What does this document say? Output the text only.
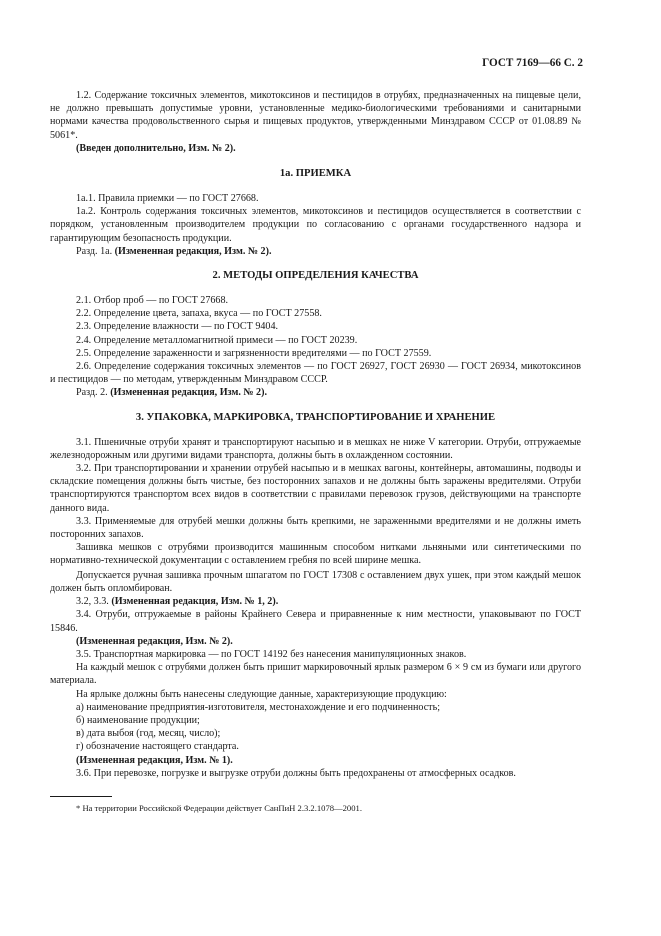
ГОСТ 7169—66 С. 2

1.2. Содержание токсичных элементов, микотоксинов и пестицидов в отрубях, предназначенных на пищевые цели, не должно превышать допустимые уровни, установленные медико-биологическими требованиями и санитарными нормами качества продовольственного сырья и пищевых продуктов, утвержденными Минздравом СССР от 01.08.89 № 5061*.

(Введен дополнительно, Изм. № 2).

1a. ПРИЕМКА

1а.1. Правила приемки — по ГОСТ 27668.

1а.2. Контроль содержания токсичных элементов, микотоксинов и пестицидов осуществляется в соответствии с порядком, установленным производителем продукции по согласованию с органами государственного надзора и гарантирующим безопасность продукции.

Разд. 1а. (Измененная редакция, Изм. № 2).

2. МЕТОДЫ ОПРЕДЕЛЕНИЯ КАЧЕСТВА

2.1. Отбор проб — по ГОСТ 27668.

2.2. Определение цвета, запаха, вкуса — по ГОСТ 27558.

2.3. Определение влажности — по ГОСТ 9404.

2.4. Определение металломагнитной примеси — по ГОСТ 20239.

2.5. Определение зараженности и загрязненности вредителями — по ГОСТ 27559.

2.6. Определение содержания токсичных элементов — по ГОСТ 26927, ГОСТ 26930 — ГОСТ 26934, микотоксинов и пестицидов — по методам, утвержденным Минздравом СССР.

Разд. 2. (Измененная редакция, Изм. № 2).

3. УПАКОВКА, МАРКИРОВКА, ТРАНСПОРТИРОВАНИЕ И ХРАНЕНИЕ

3.1. Пшеничные отруби хранят и транспортируют насыпью и в мешках не ниже V категории. Отруби, отгружаемые железнодорожным или другими видами транспорта, должны быть в охлажденном состоянии.

3.2. При транспортировании и хранении отрубей насыпью и в мешках вагоны, контейнеры, автомашины, подводы и складские помещения должны быть чистые, без посторонних запахов и не должны быть заражены вредителями. Отруби транспортируются транспортом всех видов в соответствии с правилами перевозок грузов, действующими на транспорте данного вида.

3.3. Применяемые для отрубей мешки должны быть крепкими, не зараженными вредителями и не должны иметь посторонних запахов.

Зашивка мешков с отрубями производится машинным способом нитками льняными или синтетическими по нормативно-технической документации с оставлением гребня по всей ширине мешка.

Допускается ручная зашивка прочным шпагатом по ГОСТ 17308 с оставлением двух ушек, при этом каждый мешок должен быть опломбирован.

3.2, 3.3. (Измененная редакция, Изм. № 1, 2).

3.4. Отруби, отгружаемые в районы Крайнего Севера и приравненные к ним местности, упаковывают по ГОСТ 15846.

(Измененная редакция, Изм. № 2).

3.5. Транспортная маркировка — по ГОСТ 14192 без нанесения манипуляционных знаков.

На каждый мешок с отрубями должен быть пришит маркировочный ярлык размером 6 × 9 см из бумаги или другого материала.

На ярлыке должны быть нанесены следующие данные, характеризующие продукцию:

а) наименование предприятия-изготовителя, местонахождение и его подчиненность;

б) наименование продукции;

в) дата выбоя (год, месяц, число);

г) обозначение настоящего стандарта.

(Измененная редакция, Изм. № 1).

3.6. При перевозке, погрузке и выгрузке отруби должны быть предохранены от атмосферных осадков.

* На территории Российской Федерации действует СанПиН 2.3.2.1078—2001.
